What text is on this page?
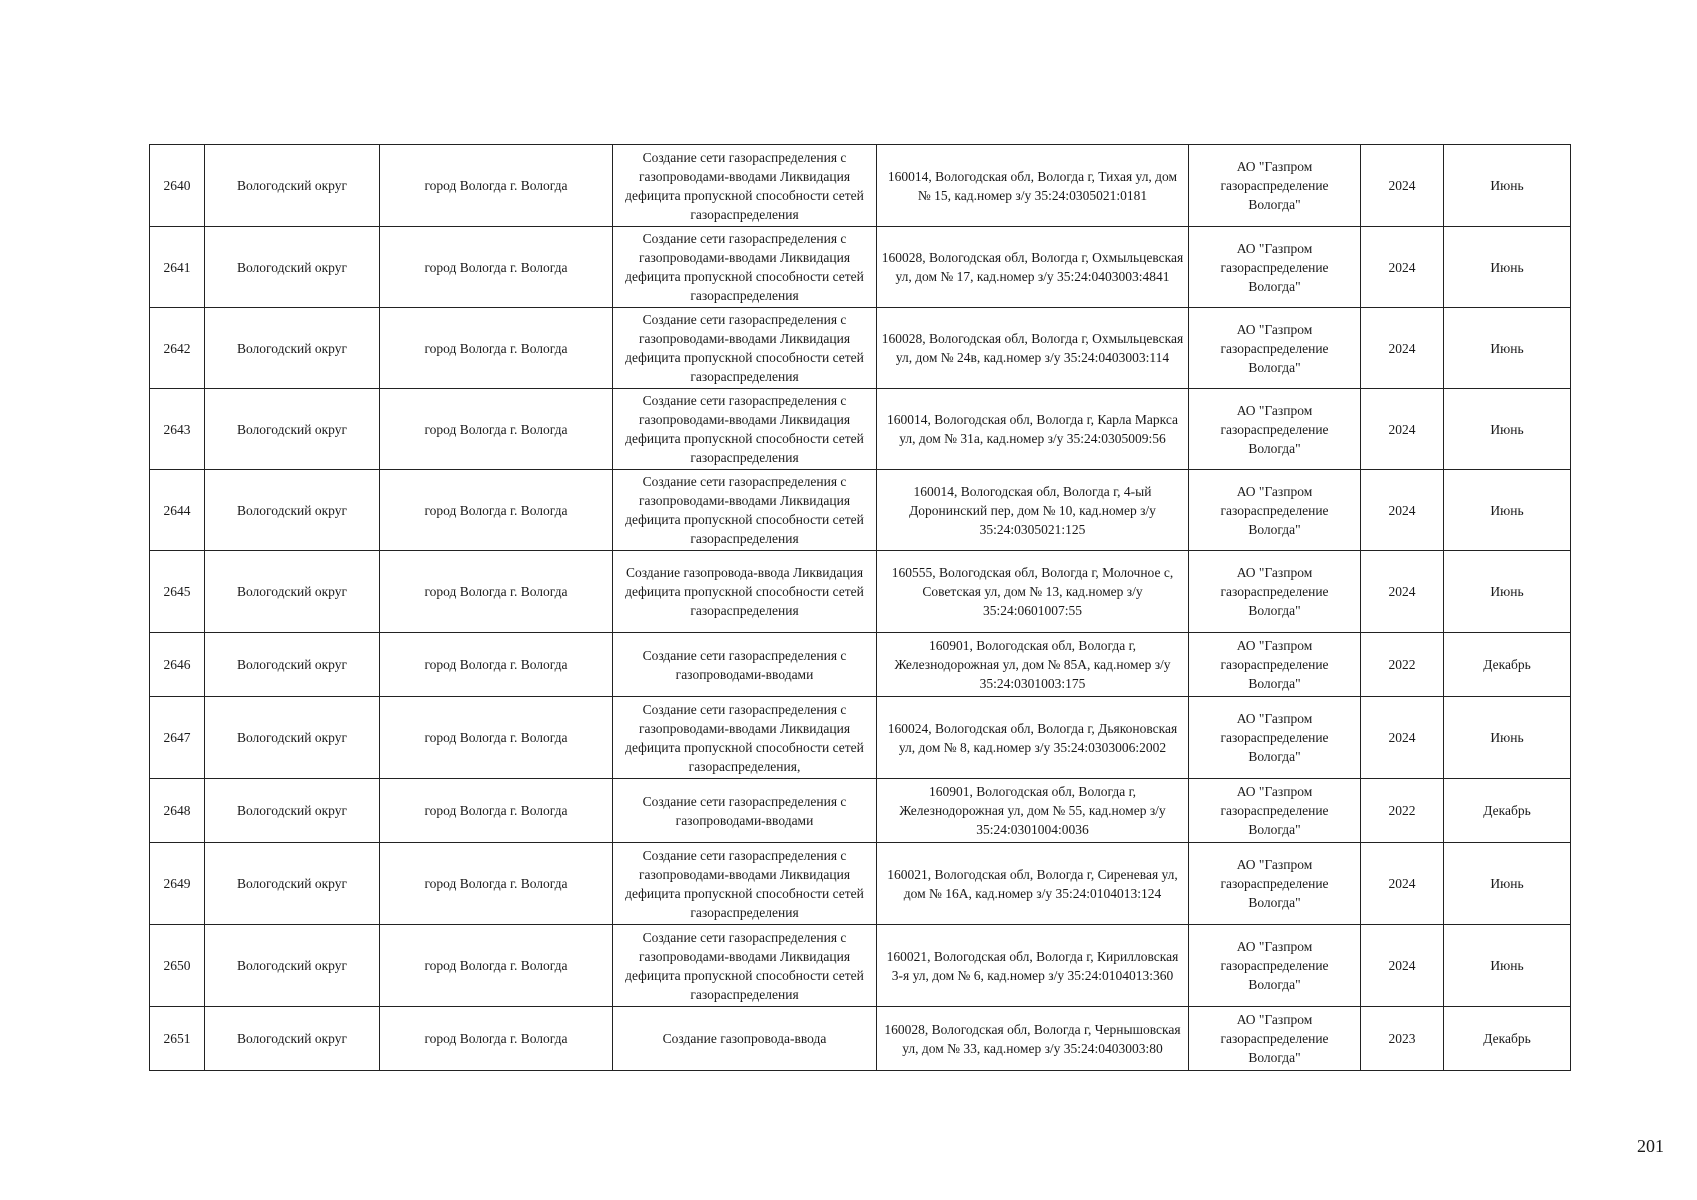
2640	Вологодский округ	город Вологда г. Вологда	Создание сети газораспределения с газопроводами-вводами Ликвидация дефицита пропускной способности сетей газораспределения	160014, Вологодская обл, Вологда г, Тихая ул, дом № 15, кад.номер з/у 35:24:0305021:0181	АО "Газпром газораспределение Вологда"	2024	Июнь
2641	Вологодский округ	город Вологда г. Вологда	Создание сети газораспределения с газопроводами-вводами Ликвидация дефицита пропускной способности сетей газораспределения	160028, Вологодская обл, Вологда г, Охмыльцевская ул, дом № 17, кад.номер з/у 35:24:0403003:4841	АО "Газпром газораспределение Вологда"	2024	Июнь
2642	Вологодский округ	город Вологда г. Вологда	Создание сети газораспределения с газопроводами-вводами Ликвидация дефицита пропускной способности сетей газораспределения	160028, Вологодская обл, Вологда г, Охмыльцевская ул, дом № 24в, кад.номер з/у 35:24:0403003:114	АО "Газпром газораспределение Вологда"	2024	Июнь
2643	Вологодский округ	город Вологда г. Вологда	Создание сети газораспределения с газопроводами-вводами Ликвидация дефицита пропускной способности сетей газораспределения	160014, Вологодская обл, Вологда г, Карла Маркса ул, дом № 31а, кад.номер з/у 35:24:0305009:56	АО "Газпром газораспределение Вологда"	2024	Июнь
2644	Вологодский округ	город Вологда г. Вологда	Создание сети газораспределения с газопроводами-вводами Ликвидация дефицита пропускной способности сетей газораспределения	160014, Вологодская обл, Вологда г, 4-ый Доронинский пер, дом № 10, кад.номер з/у 35:24:0305021:125	АО "Газпром газораспределение Вологда"	2024	Июнь
2645	Вологодский округ	город Вологда г. Вологда	Создание газопровода-ввода Ликвидация дефицита пропускной способности сетей газораспределения	160555, Вологодская обл, Вологда г, Молочное с, Советская ул, дом № 13, кад.номер з/у 35:24:0601007:55	АО "Газпром газораспределение Вологда"	2024	Июнь
2646	Вологодский округ	город Вологда г. Вологда	Создание сети газораспределения с газопроводами-вводами	160901, Вологодская обл, Вологда г, Железнодорожная ул, дом № 85А, кад.номер з/у 35:24:0301003:175	АО "Газпром газораспределение Вологда"	2022	Декабрь
2647	Вологодский округ	город Вологда г. Вологда	Создание сети газораспределения с газопроводами-вводами Ликвидация дефицита пропускной способности сетей газораспределения,	160024, Вологодская обл, Вологда г, Дьяконовская ул, дом № 8, кад.номер з/у 35:24:0303006:2002	АО "Газпром газораспределение Вологда"	2024	Июнь
2648	Вологодский округ	город Вологда г. Вологда	Создание сети газораспределения с газопроводами-вводами	160901, Вологодская обл, Вологда г, Железнодорожная ул, дом № 55, кад.номер з/у 35:24:0301004:0036	АО "Газпром газораспределение Вологда"	2022	Декабрь
2649	Вологодский округ	город Вологда г. Вологда	Создание сети газораспределения с газопроводами-вводами Ликвидация дефицита пропускной способности сетей газораспределения	160021, Вологодская обл, Вологда г, Сиреневая ул, дом № 16А, кад.номер з/у 35:24:0104013:124	АО "Газпром газораспределение Вологда"	2024	Июнь
2650	Вологодский округ	город Вологда г. Вологда	Создание сети газораспределения с газопроводами-вводами Ликвидация дефицита пропускной способности сетей газораспределения	160021, Вологодская обл, Вологда г, Кирилловская 3-я ул, дом № 6, кад.номер з/у 35:24:0104013:360	АО "Газпром газораспределение Вологда"	2024	Июнь
2651	Вологодский округ	город Вологда г. Вологда	Создание газопровода-ввода	160028, Вологодская обл, Вологда г, Чернышовская ул, дом № 33, кад.номер з/у 35:24:0403003:80	АО "Газпром газораспределение Вологда"	2023	Декабрь
201
